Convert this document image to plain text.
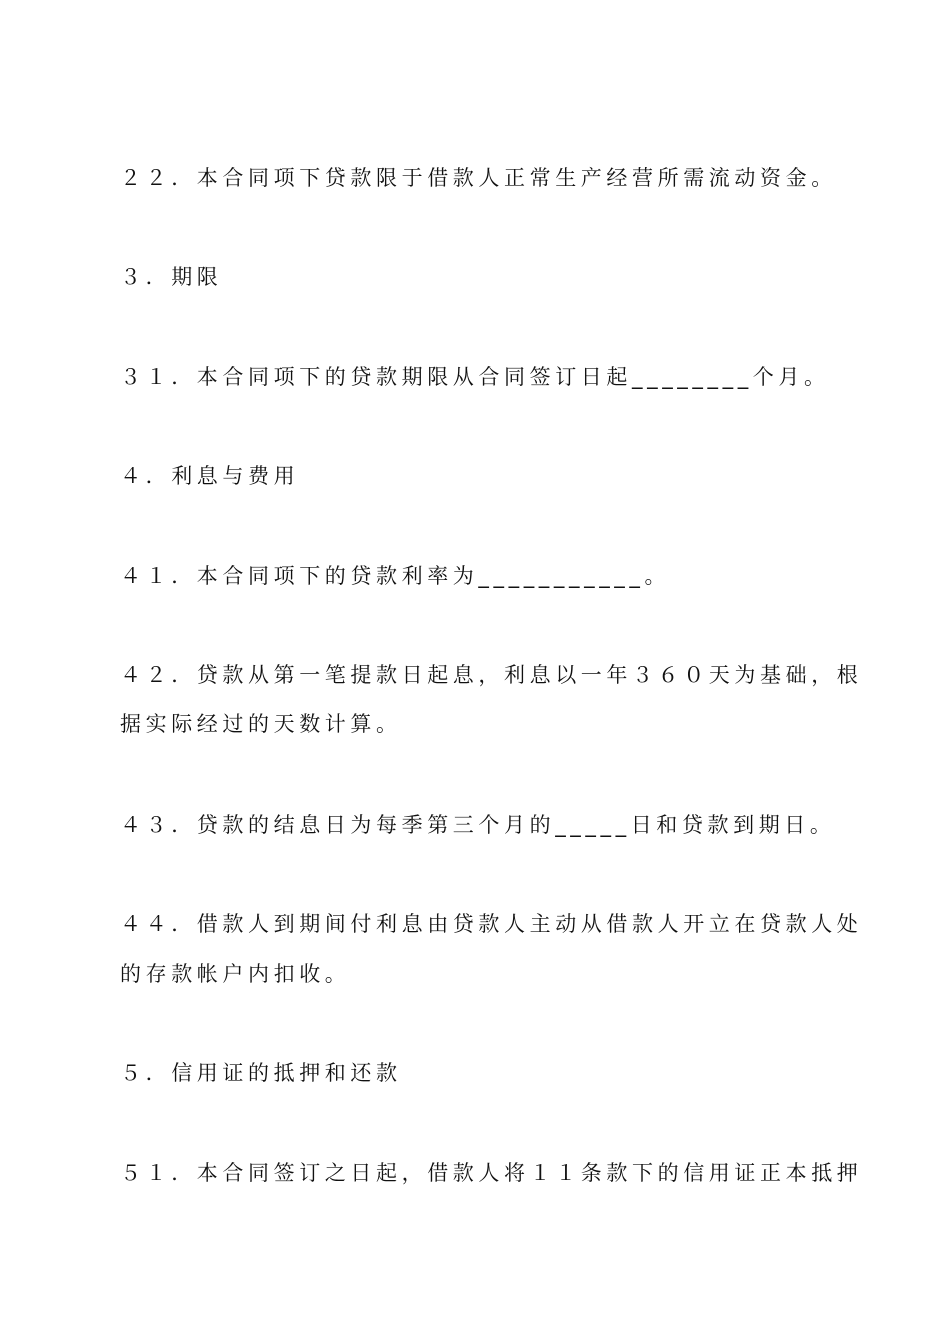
２２．本合同项下贷款限于借款人正常生产经营所需流动资金。
３．期限
３１．本合同项下的贷款期限从合同签订日起________个月。
４．利息与费用
４１．本合同项下的贷款利率为___________。
４２．贷款从第一笔提款日起息，利息以一年３６０天为基础，根
据实际经过的天数计算。
４３．贷款的结息日为每季第三个月的_____日和贷款到期日。
４４．借款人到期间付利息由贷款人主动从借款人开立在贷款人处
的存款帐户内扣收。
５．信用证的抵押和还款
５１．本合同签订之日起，借款人将１１条款下的信用证正本抵押
